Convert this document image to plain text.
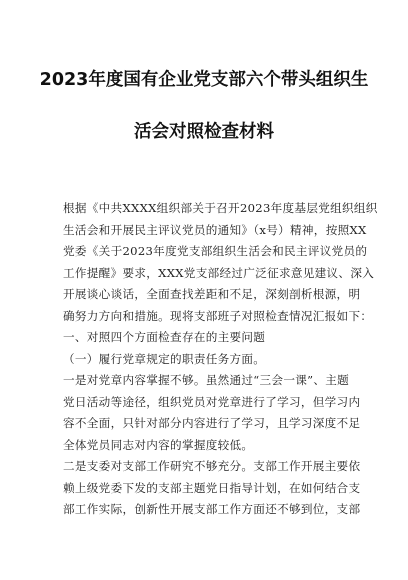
2023年度国有企业党支部六个带头组织生
活会对照检查材料
根据《中共XXXX组织部关于召开2023年度基层党组织组织
生活会和开展民主评议党员的通知》（x号）精神，按照XX
党委《关于2023年度党支部组织生活会和民主评议党员的
工作提醒》要求，XXX党支部经过广泛征求意见建议、深入
开展谈心谈话，全面查找差距和不足，深刻剖析根源，明
确努力方向和措施。现将支部班子对照检查情况汇报如下：
一、对照四个方面检查存在的主要问题
（一）履行党章规定的职责任务方面。
一是对党章内容掌握不够。虽然通过“三会一课”、主题
党日活动等途径，组织党员对党章进行了学习，但学习内
容不全面，只针对部分内容进行了学习，且学习深度不足
全体党员同志对内容的掌握度较低。
二是支委对支部工作研究不够充分。支部工作开展主要依
赖上级党委下发的支部主题党日指导计划，在如何结合支
部工作实际，创新性开展支部工作方面还不够到位，支部
